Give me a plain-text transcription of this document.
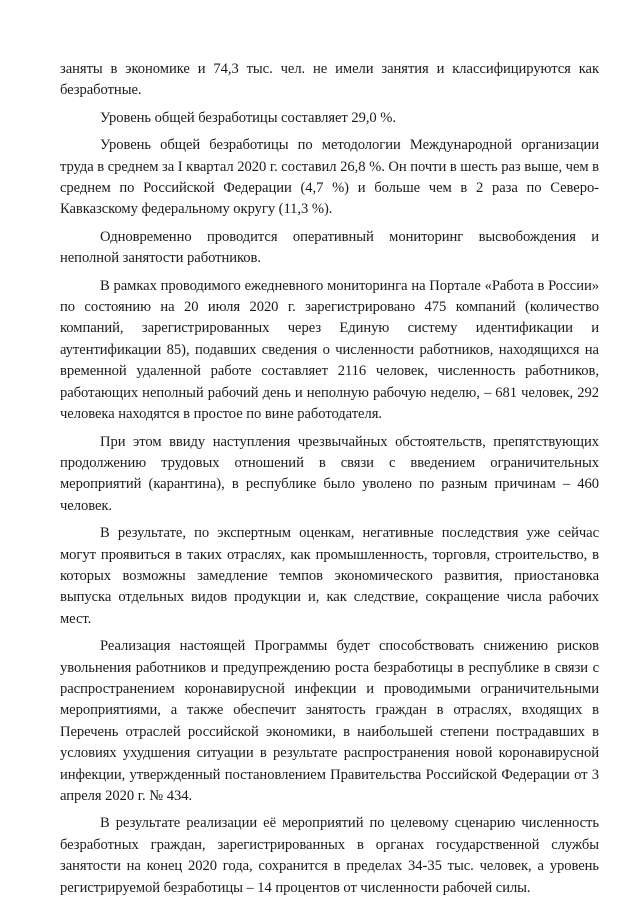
заняты в экономике и 74,3 тыс. чел. не имели занятия и классифицируются как безработные.

Уровень общей безработицы составляет 29,0 %.

Уровень общей безработицы по методологии Международной организации труда в среднем за I квартал 2020 г. составил 26,8 %. Он почти в шесть раз выше, чем в среднем по Российской Федерации (4,7 %) и больше чем в 2 раза по Северо-Кавказскому федеральному округу (11,3 %).

Одновременно проводится оперативный мониторинг высвобождения и неполной занятости работников.

В рамках проводимого ежедневного мониторинга на Портале «Работа в России» по состоянию на 20 июля 2020 г. зарегистрировано 475 компаний (количество компаний, зарегистрированных через Единую систему идентификации и аутентификации 85), подавших сведения о численности работников, находящихся на временной удаленной работе составляет 2116 человек, численность работников, работающих неполный рабочий день и неполную рабочую неделю, – 681 человек, 292 человека находятся в простое по вине работодателя.

При этом ввиду наступления чрезвычайных обстоятельств, препятствующих продолжению трудовых отношений в связи с введением ограничительных мероприятий (карантина), в республике было уволено по разным причинам – 460 человек.

В результате, по экспертным оценкам, негативные последствия уже сейчас могут проявиться в таких отраслях, как промышленность, торговля, строительство, в которых возможны замедление темпов экономического развития, приостановка выпуска отдельных видов продукции и, как следствие, сокращение числа рабочих мест.

Реализация настоящей Программы будет способствовать снижению рисков увольнения работников и предупреждению роста безработицы в республике в связи с распространением коронавирусной инфекции и проводимыми ограничительными мероприятиями, а также обеспечит занятость граждан в отраслях, входящих в Перечень отраслей российской экономики, в наибольшей степени пострадавших в условиях ухудшения ситуации в результате распространения новой коронавирусной инфекции, утвержденный постановлением Правительства Российской Федерации от 3 апреля 2020 г. № 434.

В результате реализации её мероприятий по целевому сценарию численность безработных граждан, зарегистрированных в органах государственной службы занятости на конец 2020 года, сохранится в пределах 34-35 тыс. человек, а уровень регистрируемой безработицы – 14 процентов от численности рабочей силы.
